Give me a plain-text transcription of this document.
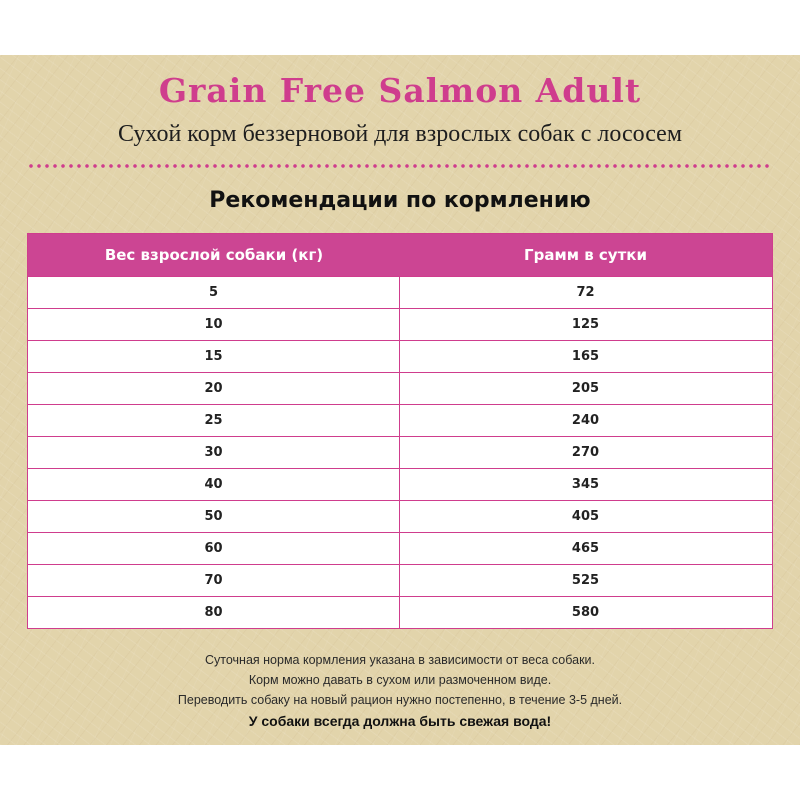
Grain Free Salmon Adult
Сухой корм беззерновой для взрослых собак с лососем
Рекомендации по кормлению
Вес взрослой собаки (кг)	Грамм в сутки
5	72
10	125
15	165
20	205
25	240
30	270
40	345
50	405
60	465
70	525
80	580
Суточная норма кормления указана в зависимости от веса собаки.
Корм можно давать в сухом или размоченном виде.
Переводить собаку на новый рацион нужно постепенно, в течение 3-5 дней.
У собаки всегда должна быть свежая вода!
